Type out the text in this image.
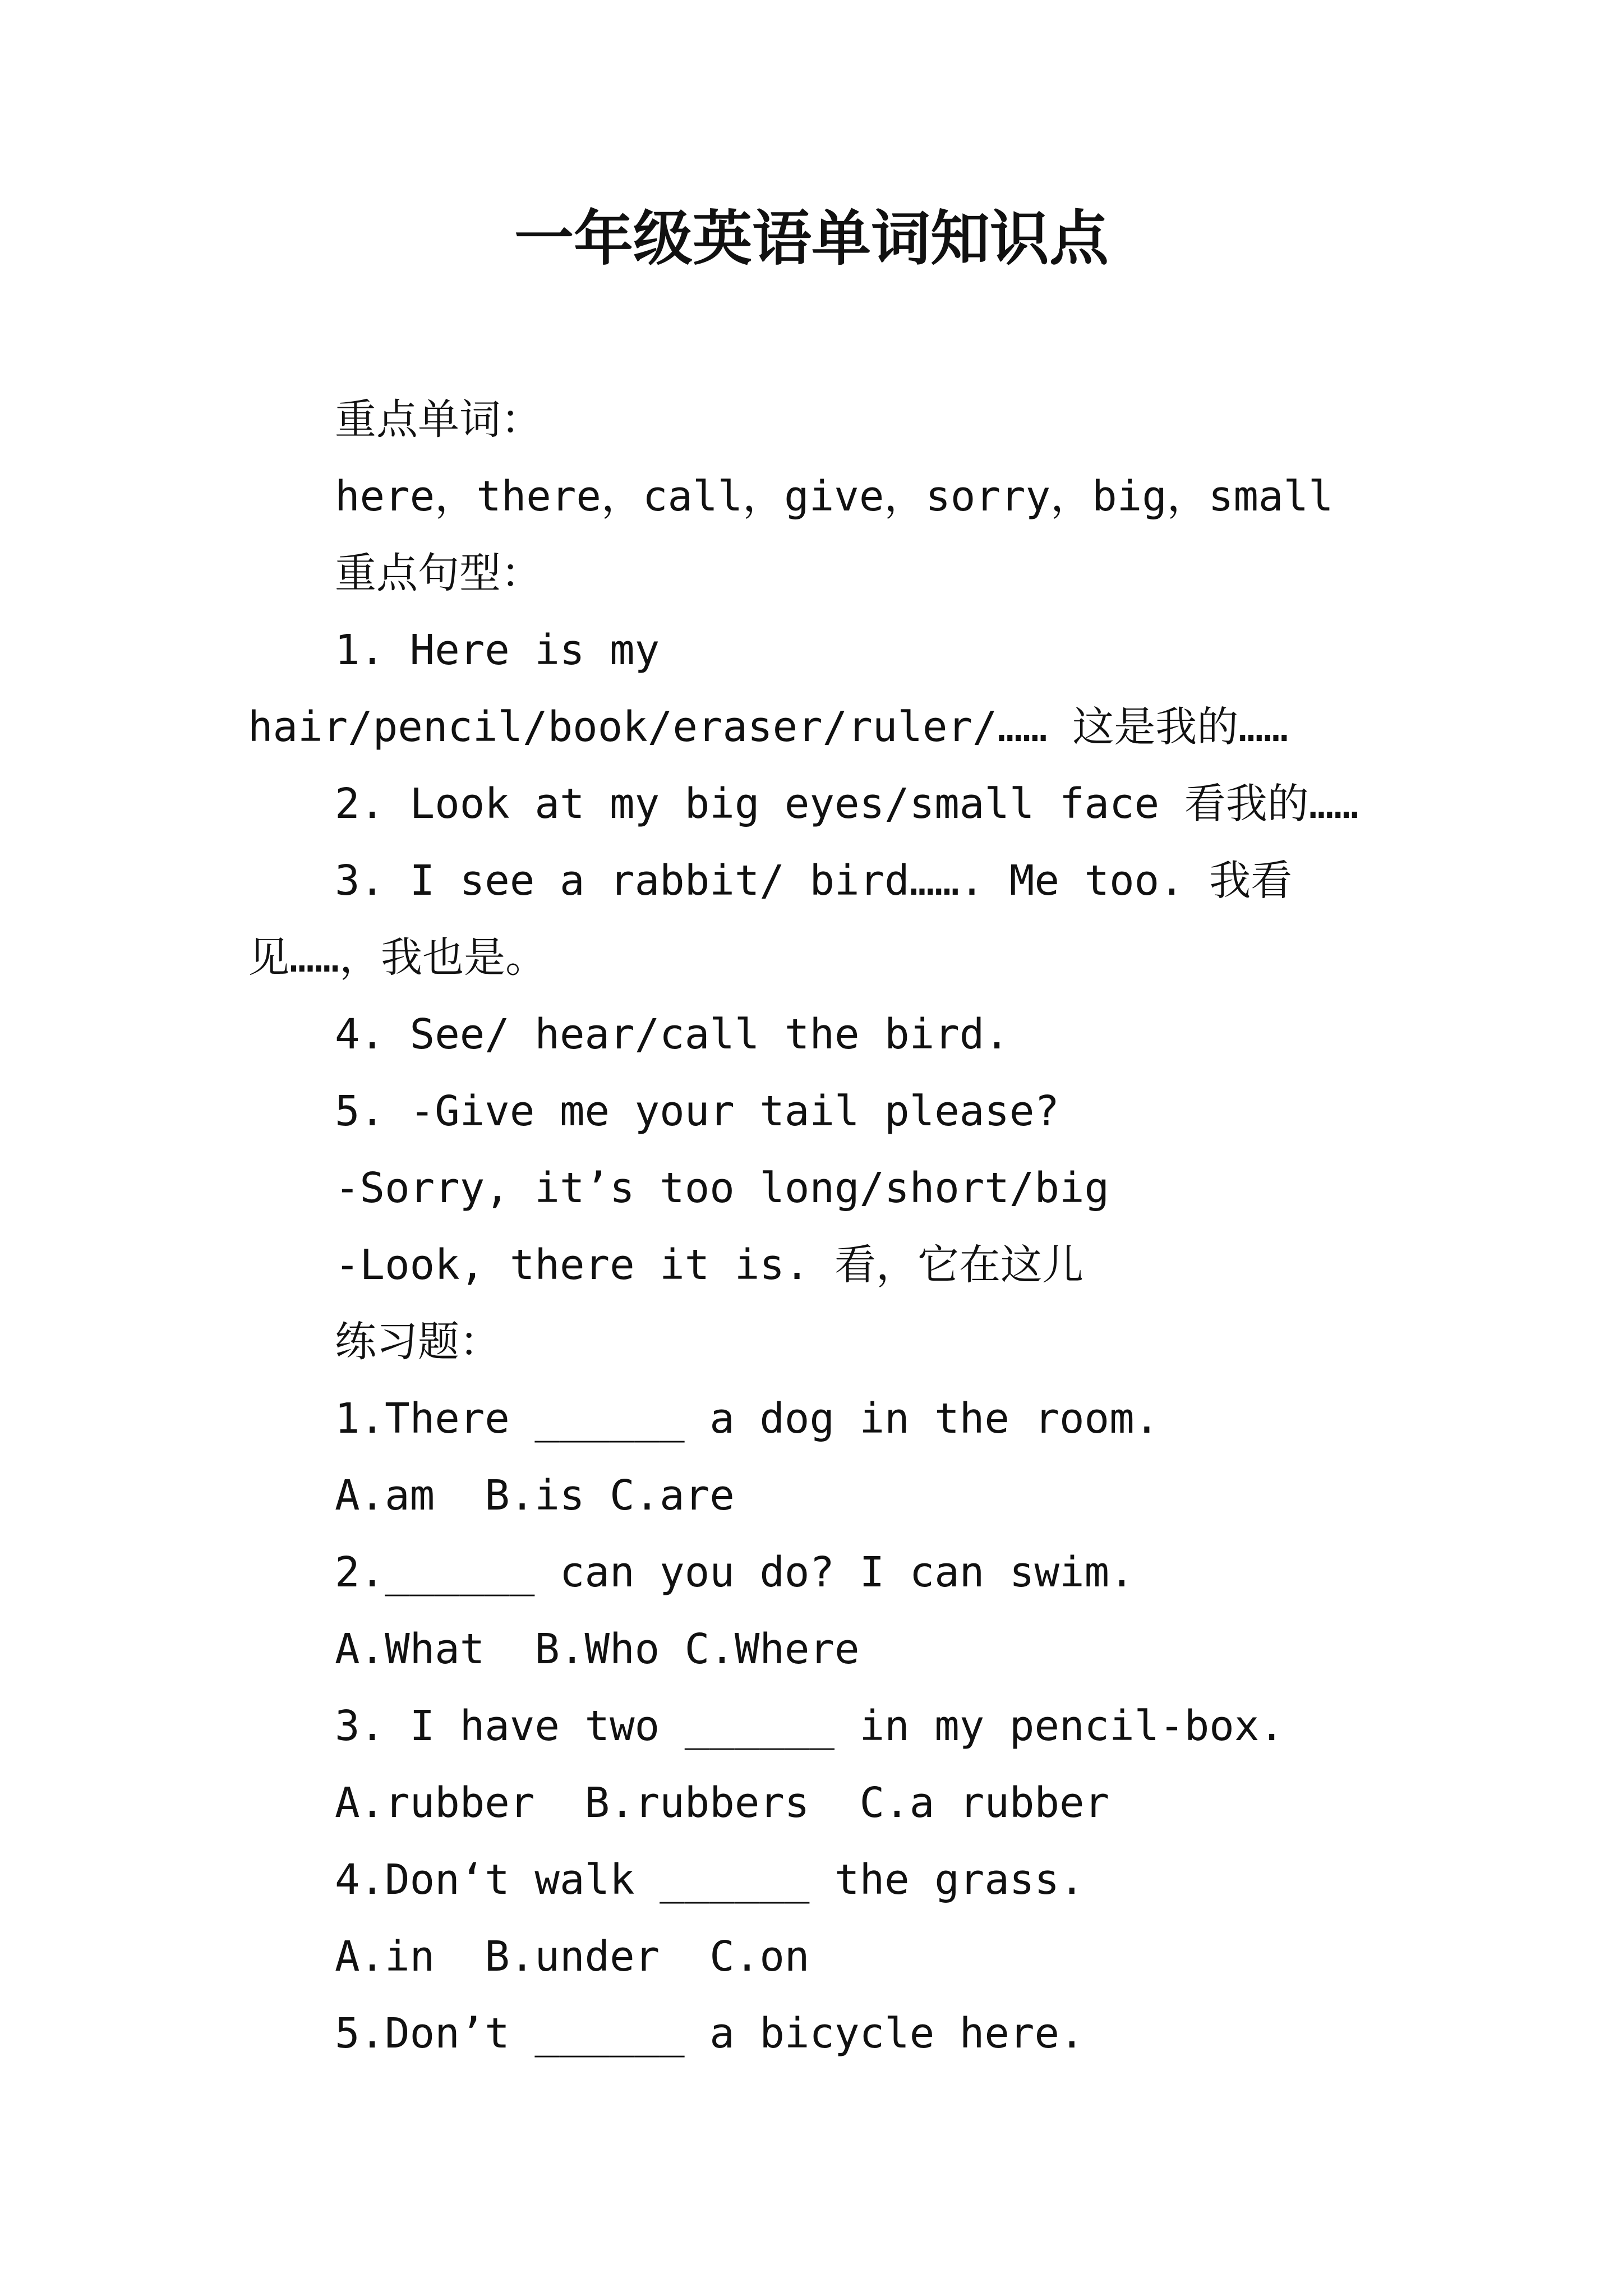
一年级英语单词知识点
重点单词：
here，there，call，give，sorry，big，small
重点句型：
1. Here is my hair/pencil/book/eraser/ruler/…… 这是我的……
2. Look at my big eyes/small face 看我的……
3. I see a rabbit/ bird……. Me too. 我看见……，我也是。
4. See/ hear/call the bird.
5. -Give me your tail please?
-Sorry, it’s too long/short/big
-Look, there it is. 看，它在这儿
练习题：
1.There ______ a dog in the room.
A.am  B.is C.are
2.______ can you do? I can swim.
A.What  B.Who C.Where
3. I have two ______ in my pencil-box.
A.rubber  B.rubbers  C.a rubber
4.Don‘t walk ______ the grass.
A.in  B.under  C.on
5.Don’t ______ a bicycle here.
